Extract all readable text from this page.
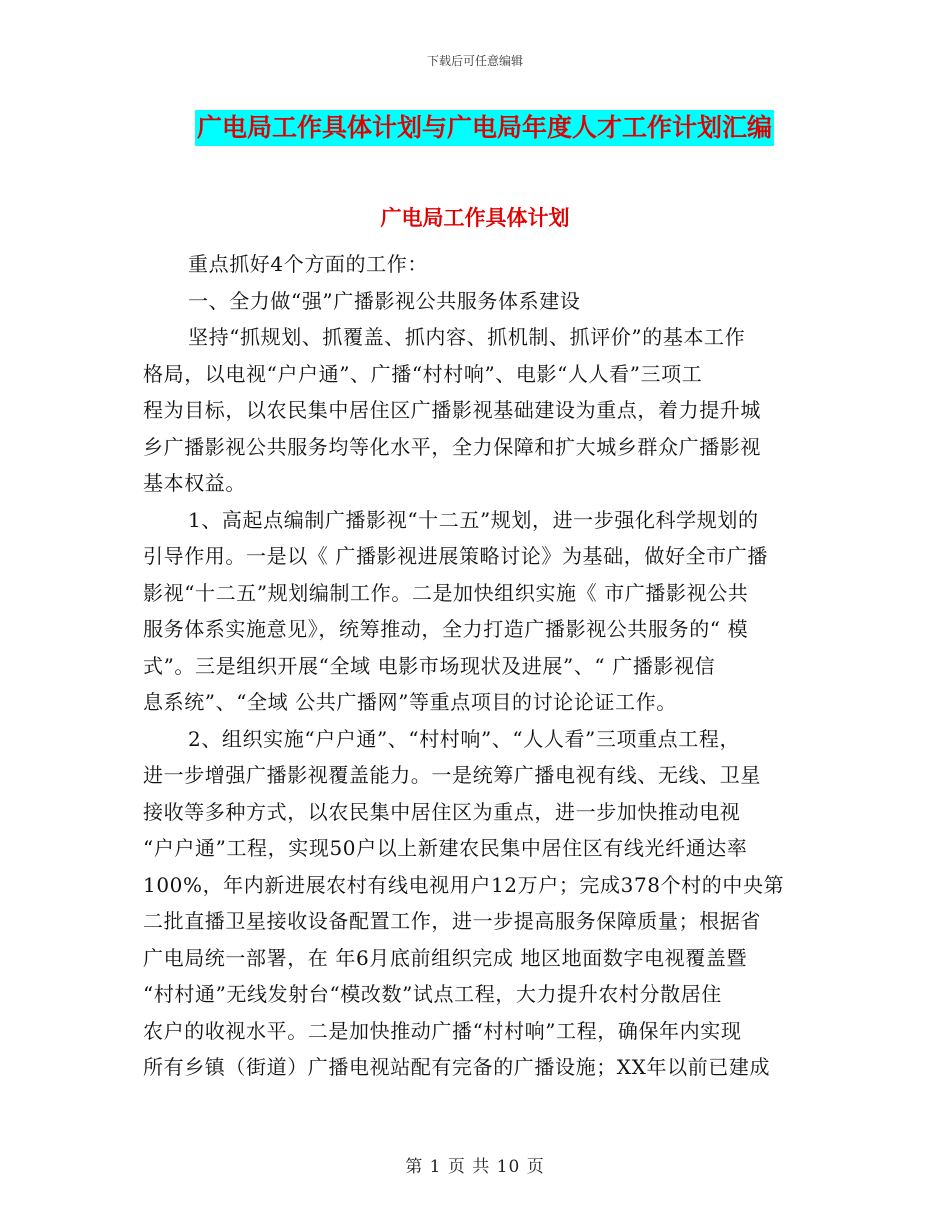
下载后可任意编辑
广电局工作具体计划与广电局年度人才工作计划汇编
广电局工作具体计划
重点抓好4个方面的工作：
一、全力做“强”广播影视公共服务体系建设
坚持“抓规划、抓覆盖、抓内容、抓机制、抓评价”的基本工作
格局，以电视“户户通”、广播“村村响”、电影“人人看”三项工
程为目标，以农民集中居住区广播影视基础建设为重点，着力提升城
乡广播影视公共服务均等化水平，全力保障和扩大城乡群众广播影视
基本权益。
1、高起点编制广播影视“十二五”规划，进一步强化科学规划的
引导作用。一是以《 广播影视进展策略讨论》为基础，做好全市广播
影视“十二五”规划编制工作。二是加快组织实施《 市广播影视公共
服务体系实施意见》，统筹推动，全力打造广播影视公共服务的“ 模
式”。三是组织开展“全域 电影市场现状及进展”、“ 广播影视信
息系统”、“全域 公共广播网”等重点项目的讨论论证工作。
2、组织实施“户户通”、“村村响”、“人人看”三项重点工程，
进一步增强广播影视覆盖能力。一是统筹广播电视有线、无线、卫星
接收等多种方式，以农民集中居住区为重点，进一步加快推动电视
“户户通”工程，实现50户以上新建农民集中居住区有线光纤通达率
100%，年内新进展农村有线电视用户12万户；完成378个村的中央第
二批直播卫星接收设备配置工作，进一步提高服务保障质量；根据省
广电局统一部署，在 年6月底前组织完成 地区地面数字电视覆盖暨
“村村通”无线发射台“模改数”试点工程，大力提升农村分散居住
农户的收视水平。二是加快推动广播“村村响”工程，确保年内实现
所有乡镇（街道）广播电视站配有完备的广播设施；XX年以前已建成
第 1 页 共 10 页
